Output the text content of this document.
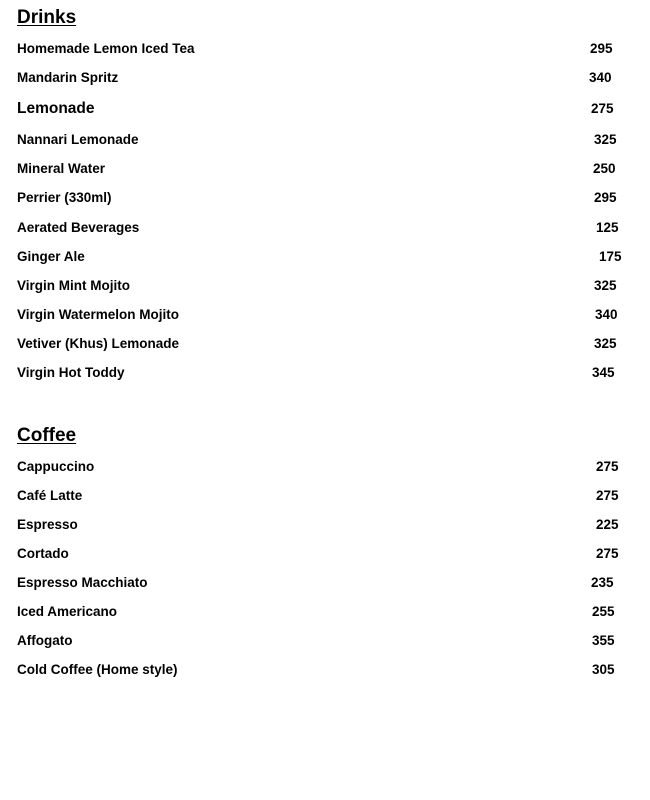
Drinks
Homemade Lemon Iced Tea	295
Mandarin Spritz	340
Lemonade	275
Nannari Lemonade	325
Mineral Water	250
Perrier (330ml)	295
Aerated Beverages	125
Ginger Ale	175
Virgin Mint Mojito	325
Virgin Watermelon Mojito	340
Vetiver (Khus) Lemonade	325
Virgin Hot Toddy	345
Coffee
Cappuccino	275
Café Latte	275
Espresso	225
Cortado	275
Espresso Macchiato	235
Iced Americano	255
Affogato	355
Cold Coffee (Home style)	305
